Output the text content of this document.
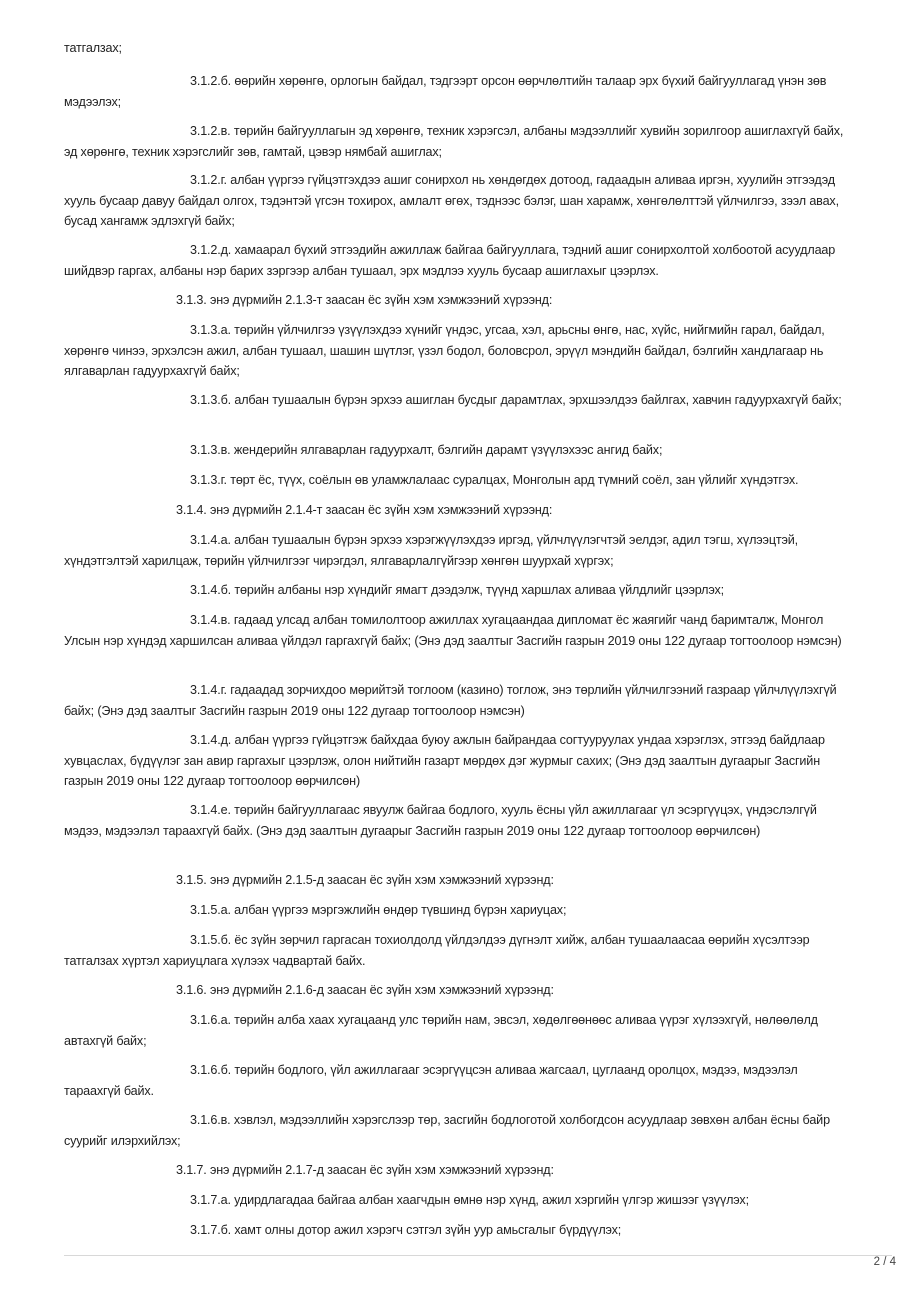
татгалзах;

3.1.2.б. өөрийн хөрөнгө, орлогын байдал, тэдгээрт орсон өөрчлөлтийн талаар эрх бүхий байгууллагад үнэн зөв мэдээлэх;

3.1.2.в. төрийн байгууллагын эд хөрөнгө, техник хэрэгсэл, албаны мэдээллийг хувийн зорилгоор ашиглахгүй байх, эд хөрөнгө, техник хэрэгслийг зөв, гамтай, цэвэр нямбай ашиглах;

3.1.2.г. албан үүргээ гүйцэтгэхдээ ашиг сонирхол нь хөндөгдөх дотоод, гадаадын аливаа иргэн, хуулийн этгээдэд хууль бусаар давуу байдал олгох, тэдэнтэй үгсэн тохирох, амлалт өгөх, тэднээс бэлэг, шан харамж, хөнгөлөлттэй үйлчилгээ, зээл авах, бусад хангамж эдлэхгүй байх;

3.1.2.д. хамаарал бүхий этгээдийн ажиллаж байгаа байгууллага, тэдний ашиг сонирхолтой холбоотой асуудлаар шийдвэр гаргах, албаны нэр барих зэргээр албан тушаал, эрх мэдлээ хууль бусаар ашиглахыг цээрлэх.

3.1.3. энэ дүрмийн 2.1.3-т заасан ёс зүйн хэм хэмжээний хүрээнд:

3.1.3.а. төрийн үйлчилгээ үзүүлэхдээ хүнийг үндэс, угсаа, хэл, арьсны өнгө, нас, хүйс, нийгмийн гарал, байдал, хөрөнгө чинээ, эрхэлсэн ажил, албан тушаал, шашин шүтлэг, үзэл бодол, боловсрол, эрүүл мэндийн байдал, бэлгийн хандлагаар нь ялгаварлан гадуурхахгүй байх;

3.1.3.б. албан тушаалын бүрэн эрхээ ашиглан бусдыг дарамтлах, эрхшээлдээ байлгах, хавчин гадуурхахгүй байх;

3.1.3.в. жендерийн ялгаварлан гадуурхалт, бэлгийн дарамт үзүүлэхээс ангид байх;

3.1.3.г. төрт ёс, түүх, соёлын өв уламжлалаас суралцах, Монголын ард түмний соёл, зан үйлийг хүндэтгэх.

3.1.4. энэ дүрмийн 2.1.4-т заасан ёс зүйн хэм хэмжээний хүрээнд:

3.1.4.а. албан тушаалын бүрэн эрхээ хэрэгжүүлэхдээ иргэд, үйлчлүүлэгчтэй эелдэг, адил тэгш, хүлээцтэй, хүндэтгэлтэй харилцаж, төрийн үйлчилгээг чирэгдэл, ялгаварлалгүйгээр хөнгөн шуурхай хүргэх;

3.1.4.б. төрийн албаны нэр хүндийг ямагт дээдэлж, түүнд харшлах аливаа үйлдлийг цээрлэх;

3.1.4.в. гадаад улсад албан томилолтоор ажиллах хугацаандаа дипломат ёс жаягийг чанд баримталж, Монгол Улсын нэр хүндэд харшилсан аливаа үйлдэл гаргахгүй байх; (Энэ дэд заалтыг Засгийн газрын 2019 оны 122 дугаар тогтоолоор нэмсэн)

3.1.4.г. гадаадад зорчихдоо мөрийтэй тоглоом (казино) тоглож, энэ төрлийн үйлчилгээний газраар үйлчлүүлэхгүй байх; (Энэ дэд заалтыг Засгийн газрын 2019 оны 122 дугаар тогтоолоор нэмсэн)

3.1.4.д. албан үүргээ гүйцэтгэж байхдаа буюу ажлын байрандаа согтууруулах ундаа хэрэглэх, этгээд байдлаар хувцаслах, бүдүүлэг зан авир гаргахыг цээрлэж, олон нийтийн газарт мөрдөх дэг журмыг сахих; (Энэ дэд заалтын дугаарыг Засгийн газрын 2019 оны 122 дугаар тогтоолоор өөрчилсөн)

3.1.4.е. төрийн байгууллагаас явуулж байгаа бодлого, хууль ёсны үйл ажиллагааг үл эсэргүүцэх, үндэслэлгүй мэдээ, мэдээлэл тараахгүй байх. (Энэ дэд заалтын дугаарыг Засгийн газрын 2019 оны 122 дугаар тогтоолоор өөрчилсөн)

3.1.5. энэ дүрмийн 2.1.5-д заасан ёс зүйн хэм хэмжээний хүрээнд:

3.1.5.а. албан үүргээ мэргэжлийн өндөр түвшинд бүрэн хариуцах;

3.1.5.б. ёс зүйн зөрчил гаргасан тохиолдолд үйлдэлдээ дүгнэлт хийж, албан тушаалаасаа өөрийн хүсэлтээр татгалзах хүртэл хариуцлага хүлээх чадвартай байх.

3.1.6. энэ дүрмийн 2.1.6-д заасан ёс зүйн хэм хэмжээний хүрээнд:

3.1.6.а. төрийн алба хаах хугацаанд улс төрийн нам, эвсэл, хөдөлгөөнөөс аливаа үүрэг хүлээхгүй, нөлөөлөлд автахгүй байх;

3.1.6.б. төрийн бодлого, үйл ажиллагааг эсэргүүцсэн аливаа жагсаал, цуглаанд оролцох, мэдээ, мэдээлэл тараахгүй байх.

3.1.6.в. хэвлэл, мэдээллийн хэрэгслээр төр, засгийн бодлоготой холбогдсон асуудлаар зөвхөн албан ёсны байр суурийг илэрхийлэх;

3.1.7. энэ дүрмийн 2.1.7-д заасан ёс зүйн хэм хэмжээний хүрээнд:

3.1.7.а. удирдлагадаа байгаа албан хаагчдын өмнө нэр хүнд, ажил хэргийн үлгэр жишээг үзүүлэх;

3.1.7.б. хамт олны дотор ажил хэрэгч сэтгэл зүйн уур амьсгалыг бүрдүүлэх;

2 / 4
